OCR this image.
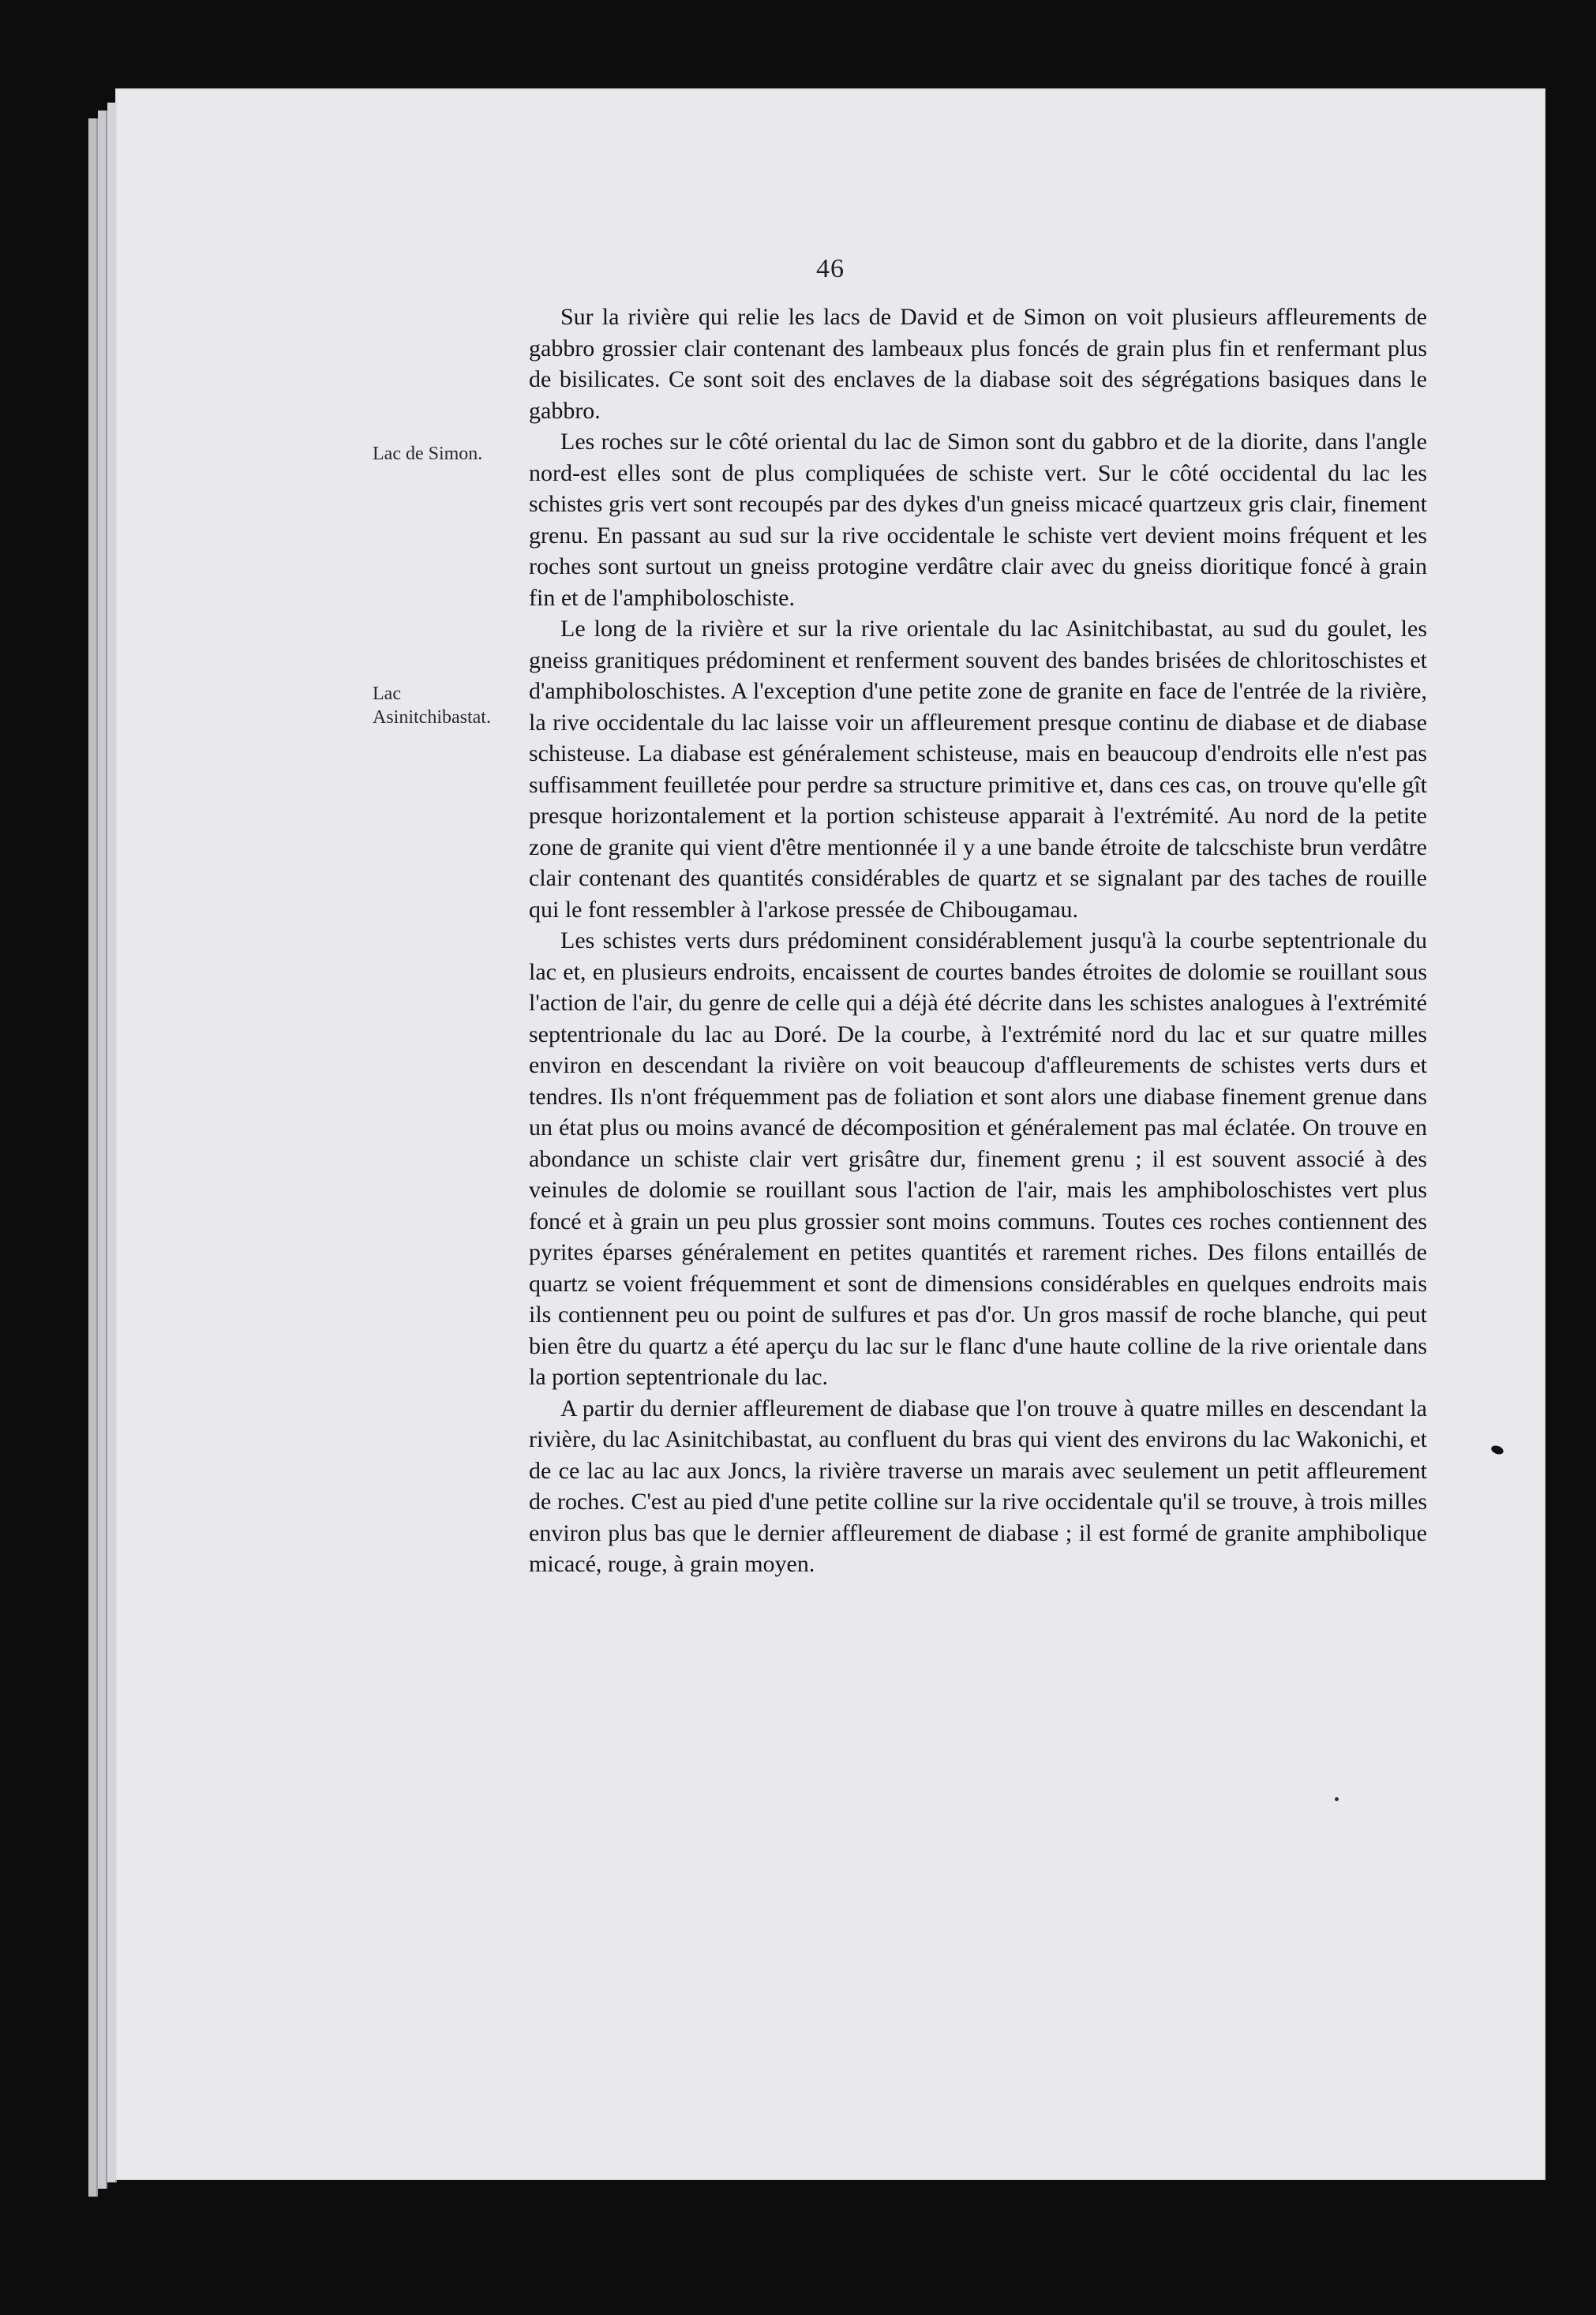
46
Lac de Simon.
Lac Asinitchibastat.

Sur la rivière qui relie les lacs de David et de Simon on voit plusieurs affleurements de gabbro grossier clair contenant des lambeaux plus foncés de grain plus fin et renfermant plus de bisilicates. Ce sont soit des enclaves de la diabase soit des ségrégations basiques dans le gabbro.

Les roches sur le côté oriental du lac de Simon sont du gabbro et de la diorite, dans l'angle nord-est elles sont de plus compliquées de schiste vert. Sur le côté occidental du lac les schistes gris vert sont recoupés par des dykes d'un gneiss micacé quartzeux gris clair, finement grenu. En passant au sud sur la rive occidentale le schiste vert devient moins fréquent et les roches sont surtout un gneiss protogine verdâtre clair avec du gneiss dioritique foncé à grain fin et de l'amphiboloschiste.

Le long de la rivière et sur la rive orientale du lac Asinitchibastat, au sud du goulet, les gneiss granitiques prédominent et renferment souvent des bandes brisées de chloritoschistes et d'amphiboloschistes. A l'exception d'une petite zone de granite en face de l'entrée de la rivière, la rive occidentale du lac laisse voir un affleurement presque continu de diabase et de diabase schisteuse. La diabase est généralement schisteuse, mais en beaucoup d'endroits elle n'est pas suffisamment feuilletée pour perdre sa structure primitive et, dans ces cas, on trouve qu'elle gît presque horizontalement et la portion schisteuse apparait à l'extrémité. Au nord de la petite zone de granite qui vient d'être mentionnée il y a une bande étroite de talcschiste brun verdâtre clair contenant des quantités considérables de quartz et se signalant par des taches de rouille qui le font ressembler à l'arkose pressée de Chibougamau.

Les schistes verts durs prédominent considérablement jusqu'à la courbe septentrionale du lac et, en plusieurs endroits, encaissent de courtes bandes étroites de dolomie se rouillant sous l'action de l'air, du genre de celle qui a déjà été décrite dans les schistes analogues à l'extrémité septentrionale du lac au Doré. De la courbe, à l'extrémité nord du lac et sur quatre milles environ en descendant la rivière on voit beaucoup d'affleurements de schistes verts durs et tendres. Ils n'ont fréquemment pas de foliation et sont alors une diabase finement grenue dans un état plus ou moins avancé de décomposition et généralement pas mal éclatée. On trouve en abondance un schiste clair vert grisâtre dur, finement grenu ; il est souvent associé à des veinules de dolomie se rouillant sous l'action de l'air, mais les amphiboloschistes vert plus foncé et à grain un peu plus grossier sont moins communs. Toutes ces roches contiennent des pyrites éparses généralement en petites quantités et rarement riches. Des filons entaillés de quartz se voient fréquemment et sont de dimensions considérables en quelques endroits mais ils contiennent peu ou point de sulfures et pas d'or. Un gros massif de roche blanche, qui peut bien être du quartz a été aperçu du lac sur le flanc d'une haute colline de la rive orientale dans la portion septentrionale du lac.

A partir du dernier affleurement de diabase que l'on trouve à quatre milles en descendant la rivière, du lac Asinitchibastat, au confluent du bras qui vient des environs du lac Wakonichi, et de ce lac au lac aux Joncs, la rivière traverse un marais avec seulement un petit affleurement de roches. C'est au pied d'une petite colline sur la rive occidentale qu'il se trouve, à trois milles environ plus bas que le dernier affleurement de diabase ; il est formé de granite amphibolique micacé, rouge, à grain moyen.
